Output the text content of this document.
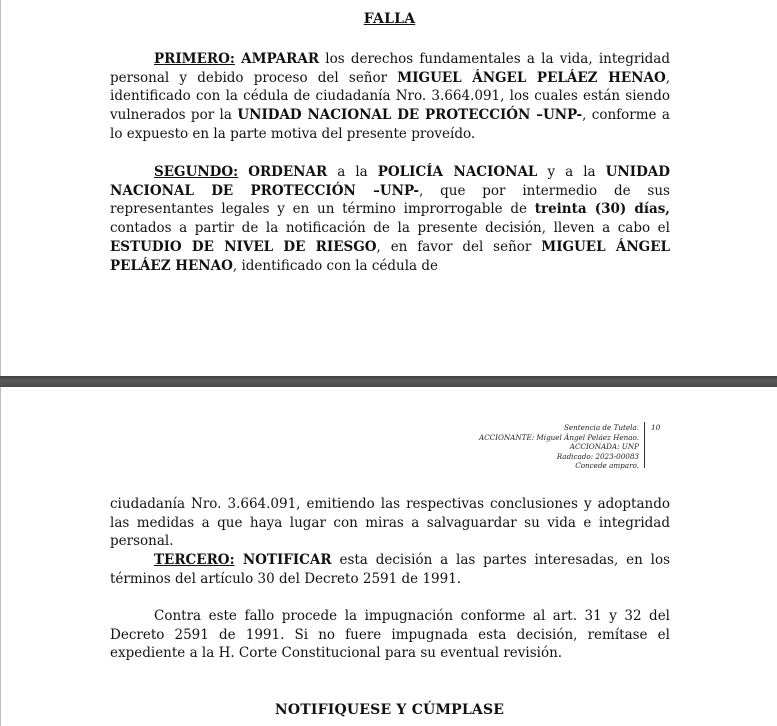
FALLA

PRIMERO: AMPARAR los derechos fundamentales a la vida, integridad personal y debido proceso del señor MIGUEL ÁNGEL PELÁEZ HENAO, identificado con la cédula de ciudadanía Nro. 3.664.091, los cuales están siendo vulnerados por la UNIDAD NACIONAL DE PROTECCIÓN –UNP-, conforme a lo expuesto en la parte motiva del presente proveído.

SEGUNDO: ORDENAR a la POLICÍA NACIONAL y a la UNIDAD NACIONAL DE PROTECCIÓN –UNP-, que por intermedio de sus representantes legales y en un término improrrogable de treinta (30) días, contados a partir de la notificación de la presente decisión, lleven a cabo el ESTUDIO DE NIVEL DE RIESGO, en favor del señor MIGUEL ÁNGEL PELÁEZ HENAO, identificado con la cédula de

Sentencia de Tutela.
ACCIONANTE: Miguel Ángel Peláez Henao.
ACCIONADA: UNP
Radicado: 2023-00083
Concede amparo.
10

ciudadanía Nro. 3.664.091, emitiendo las respectivas conclusiones y adoptando las medidas a que haya lugar con miras a salvaguardar su vida e integridad personal.

TERCERO: NOTIFICAR esta decisión a las partes interesadas, en los términos del artículo 30 del Decreto 2591 de 1991.

Contra este fallo procede la impugnación conforme al art. 31 y 32 del Decreto 2591 de 1991. Si no fuere impugnada esta decisión, remítase el expediente a la H. Corte Constitucional para su eventual revisión.

NOTIFIQUESE Y CÚMPLASE
